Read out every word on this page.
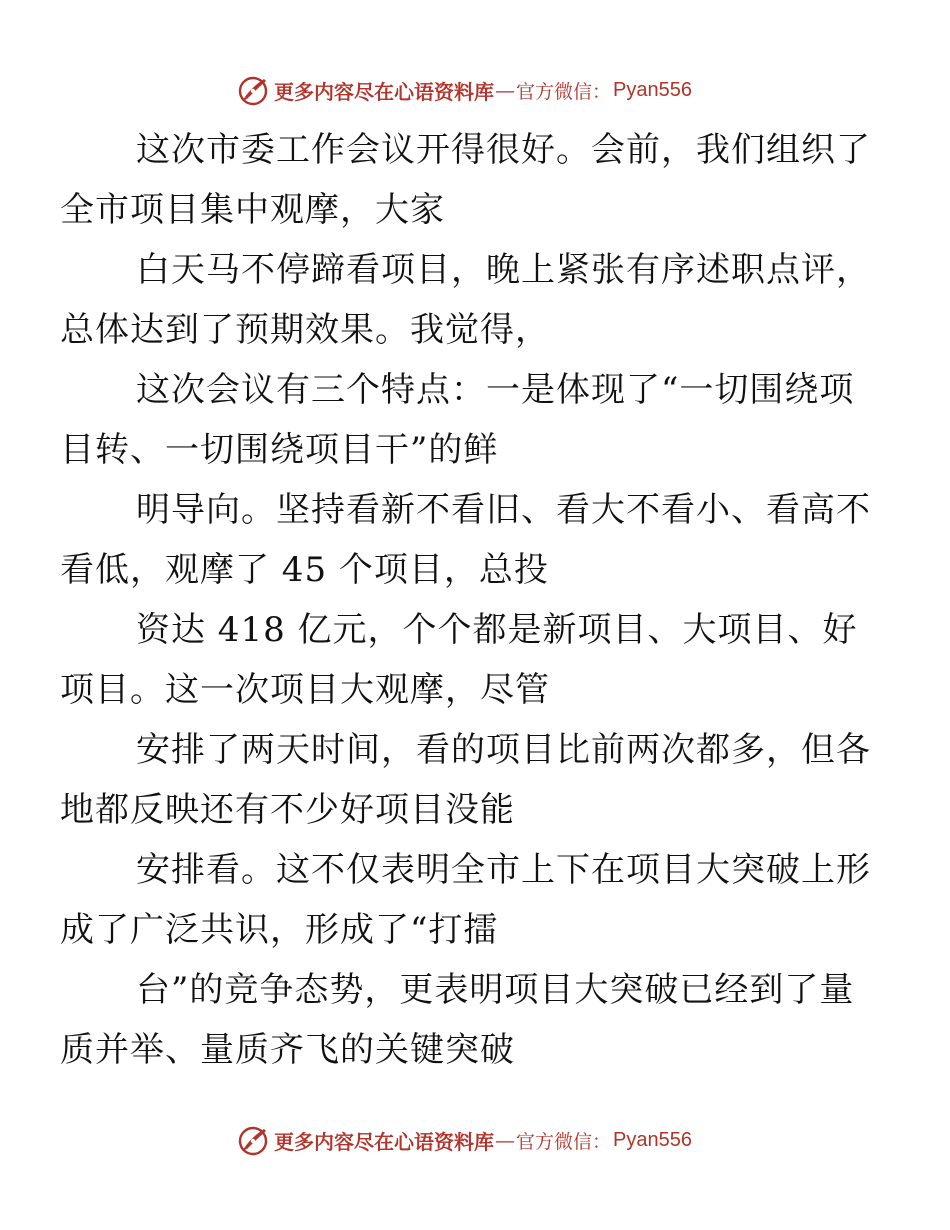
更多内容尽在心语资料库 — 官方微信： Pyan556

这次市委工作会议开得很好。会前，我们组织了
全市项目集中观摩，大家

白天马不停蹄看项目，晚上紧张有序述职点评，
总体达到了预期效果。我觉得，

这次会议有三个特点：一是体现了“一切围绕项
目转、一切围绕项目干”的鲜

明导向。坚持看新不看旧、看大不看小、看高不
看低，观摩了 45 个项目，总投

资达 418 亿元，个个都是新项目、大项目、好
项目。这一次项目大观摩，尽管

安排了两天时间，看的项目比前两次都多，但各
地都反映还有不少好项目没能

安排看。这不仅表明全市上下在项目大突破上形
成了广泛共识，形成了“打擂

台”的竞争态势，更表明项目大突破已经到了量
质并举、量质齐飞的关键突破

更多内容尽在心语资料库 — 官方微信： Pyan556
